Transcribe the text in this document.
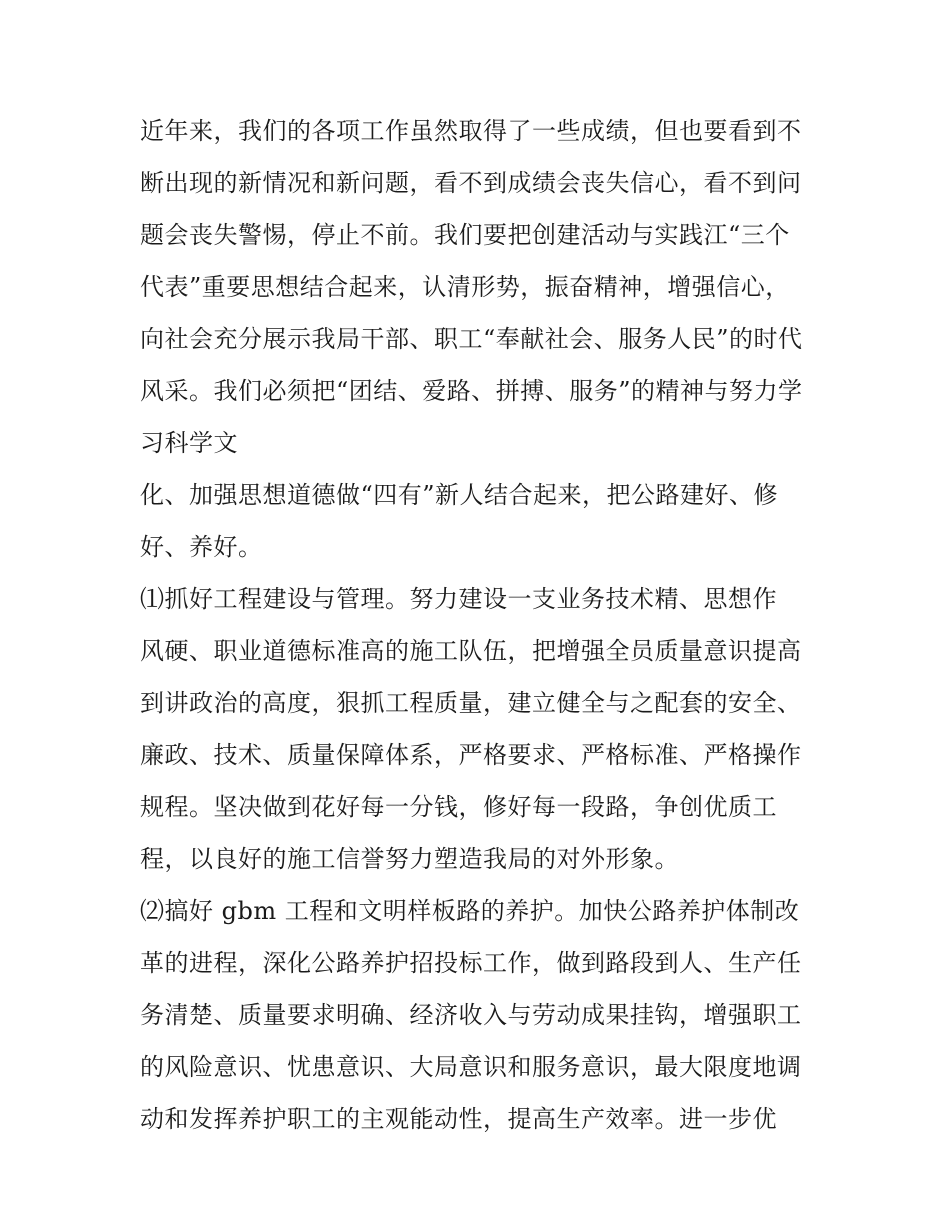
近年来，我们的各项工作虽然取得了一些成绩，但也要看到不
断出现的新情况和新问题，看不到成绩会丧失信心，看不到问
题会丧失警惕，停止不前。我们要把创建活动与实践江“三个
代表”重要思想结合起来，认清形势，振奋精神，增强信心，
向社会充分展示我局干部、职工“奉献社会、服务人民”的时代
风采。我们必须把“团结、爱路、拼搏、服务”的精神与努力学
习科学文
化、加强思想道德做“四有”新人结合起来，把公路建好、修
好、养好。
⑴抓好工程建设与管理。努力建设一支业务技术精、思想作
风硬、职业道德标准高的施工队伍，把增强全员质量意识提高
到讲政治的高度，狠抓工程质量，建立健全与之配套的安全、
廉政、技术、质量保障体系，严格要求、严格标准、严格操作
规程。坚决做到花好每一分钱，修好每一段路，争创优质工
程，以良好的施工信誉努力塑造我局的对外形象。
⑵搞好 gbm 工程和文明样板路的养护。加快公路养护体制改
革的进程，深化公路养护招投标工作，做到路段到人、生产任
务清楚、质量要求明确、经济收入与劳动成果挂钩，增强职工
的风险意识、忧患意识、大局意识和服务意识，最大限度地调
动和发挥养护职工的主观能动性，提高生产效率。进一步优
